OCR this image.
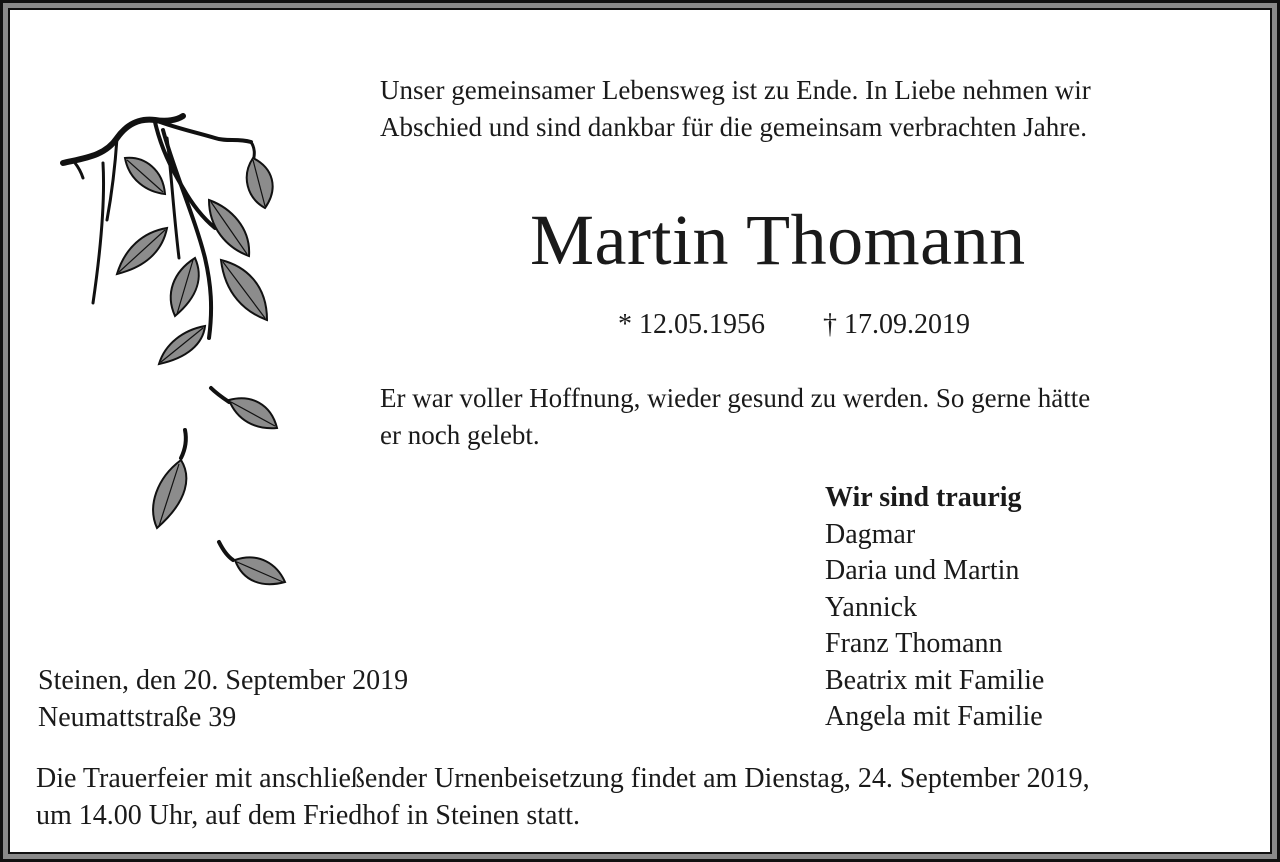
Unser gemeinsamer Lebensweg ist zu Ende. In Liebe nehmen wir
Abschied und sind dankbar für die gemeinsam verbrachten Jahre.
Martin Thomann
* 12.05.1956 † 17.09.2019
Er war voller Hoffnung, wieder gesund zu werden. So gerne hätte
er noch gelebt.
Wir sind traurig
Dagmar
Daria und Martin
Yannick
Franz Thomann
Beatrix mit Familie
Angela mit Familie
Steinen, den 20. September 2019
Neumattstraße 39
Die Trauerfeier mit anschließender Urnenbeisetzung findet am Dienstag, 24. September 2019,
um 14.00 Uhr, auf dem Friedhof in Steinen statt.
